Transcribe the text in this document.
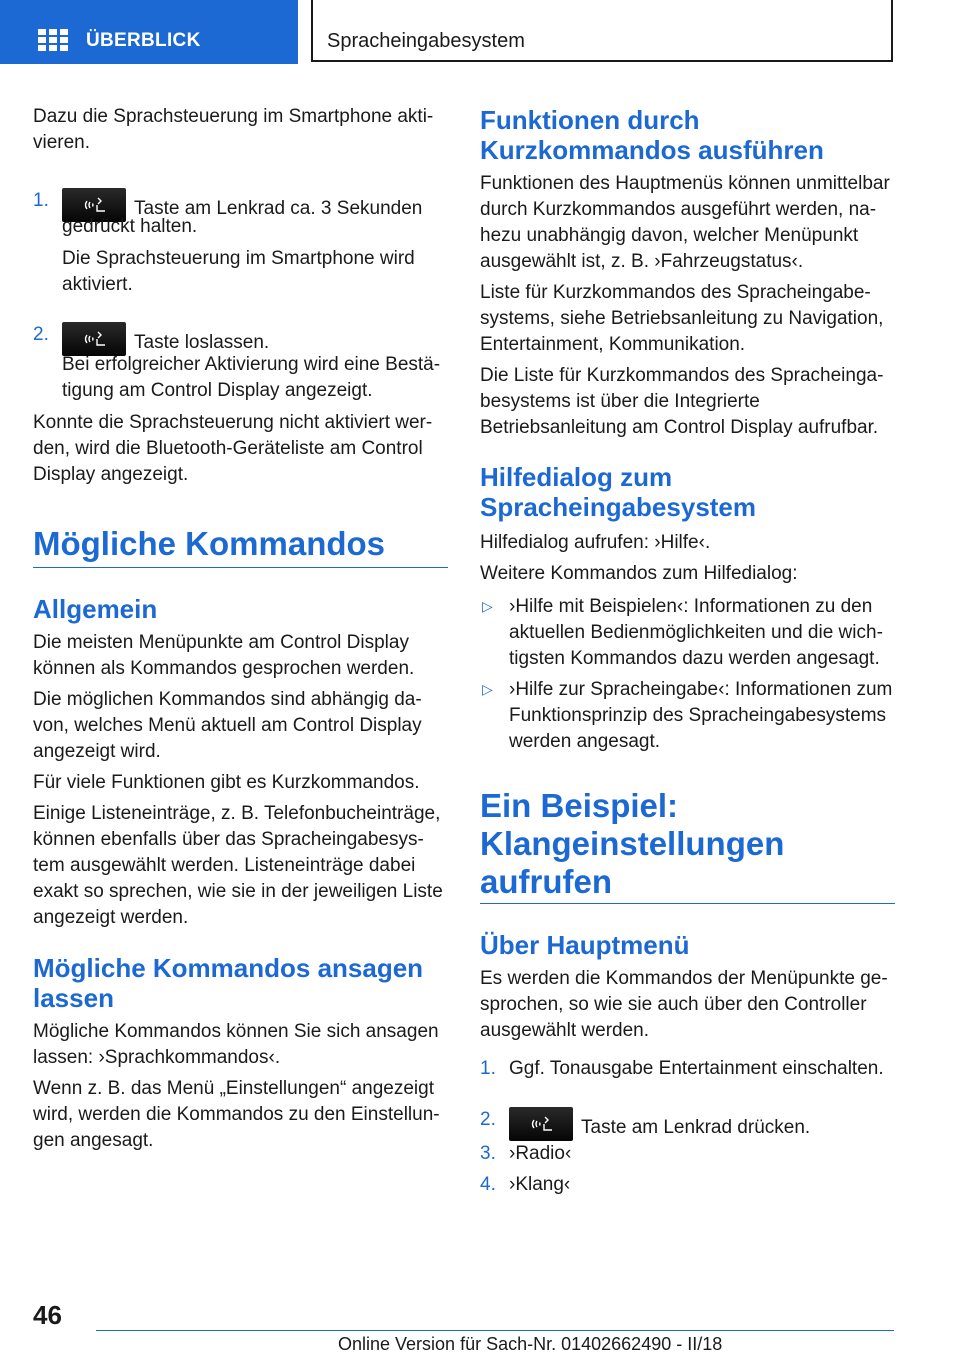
ÜBERBLICK	Spracheingabesystem

Dazu die Sprachsteuerung im Smartphone akti-

vieren.

1.	Taste am Lenkrad ca. 3 Sekunden

gedrückt halten.

Die Sprachsteuerung im Smartphone wird

aktiviert.

2.	Taste loslassen.

Bei erfolgreicher Aktivierung wird eine Bestä-

tigung am Control Display angezeigt.

Konnte die Sprachsteuerung nicht aktiviert wer-

den, wird die Bluetooth-Geräteliste am Control

Display angezeigt.

Mögliche Kommandos
Allgemein

Die meisten Menüpunkte am Control Display

können als Kommandos gesprochen werden.

Die möglichen Kommandos sind abhängig da-

von, welches Menü aktuell am Control Display

angezeigt wird.

Für viele Funktionen gibt es Kurzkommandos.

Einige Listeneinträge, z. B. Telefonbucheinträge,

können ebenfalls über das Spracheingabesys-

tem ausgewählt werden. Listeneinträge dabei

exakt so sprechen, wie sie in der jeweiligen Liste

angezeigt werden.

Mögliche Kommandos ansagen
lassen

Mögliche Kommandos können Sie sich ansagen

lassen: ›Sprachkommandos‹.

Wenn z. B. das Menü „Einstellungen“ angezeigt

wird, werden die Kommandos zu den Einstellun-

gen angesagt.

Funktionen durch
Kurzkommandos ausführen

Funktionen des Hauptmenüs können unmittelbar

durch Kurzkommandos ausgeführt werden, na-

hezu unabhängig davon, welcher Menüpunkt

ausgewählt ist, z. B. ›Fahrzeugstatus‹.

Liste für Kurzkommandos des Spracheingabe-

systems, siehe Betriebsanleitung zu Navigation,

Entertainment, Kommunikation.

Die Liste für Kurzkommandos des Spracheinga-

besystems ist über die Integrierte

Betriebsanleitung am Control Display aufrufbar.

Hilfedialog zum
Spracheingabesystem

Hilfedialog aufrufen: ›Hilfe‹.

Weitere Kommandos zum Hilfedialog:

▷ ›Hilfe mit Beispielen‹: Informationen zu den

aktuellen Bedienmöglichkeiten und die wich-

tigsten Kommandos dazu werden angesagt.

▷ ›Hilfe zur Spracheingabe‹: Informationen zum

Funktionsprinzip des Spracheingabesystems

werden angesagt.

Ein Beispiel:
Klangeinstellungen
aufrufen
Über Hauptmenü

Es werden die Kommandos der Menüpunkte ge-

sprochen, so wie sie auch über den Controller

ausgewählt werden.

1. Ggf. Tonausgabe Entertainment einschalten.

2.	Taste am Lenkrad drücken.

3. ›Radio‹

4. ›Klang‹

46
Online Version für Sach-Nr. 01402662490 - II/18
